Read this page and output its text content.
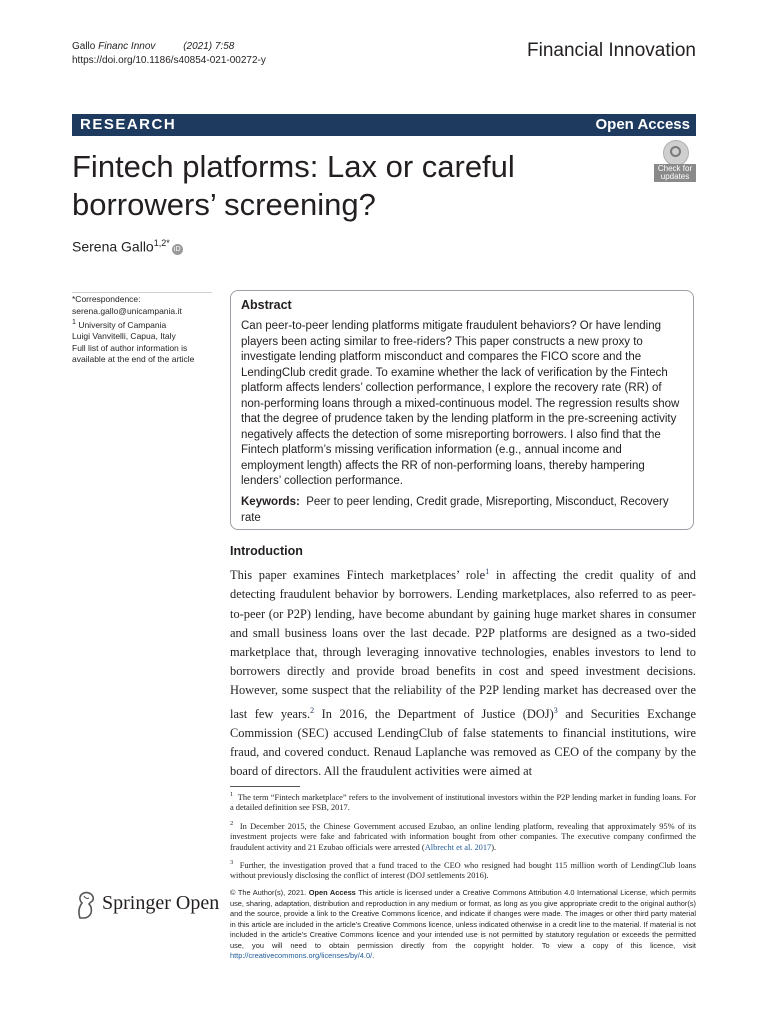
Gallo Financ Innov	(2021) 7:58
https://doi.org/10.1186/s40854-021-00272-y	Financial Innovation
RESEARCH	Open Access
Fintech platforms: Lax or careful borrowers’ screening?
Check for updates
Serena Gallo$^{1,2*}$iD
*Correspondence:
serena.gallo@unicampania.it
$^1$ University of Campania
Luigi Vanvitelli, Capua, Italy
Full list of author information is available at the end of the article
Abstract
Can peer-to-peer lending platforms mitigate fraudulent behaviors? Or have lending players been acting similar to free-riders? This paper constructs a new proxy to investigate lending platform misconduct and compares the FICO score and the LendingClub credit grade. To examine whether the lack of verification by the Fintech platform affects lenders’ collection performance, I explore the recovery rate (RR) of non-performing loans through a mixed-continuous model. The regression results show that the degree of prudence taken by the lending platform in the pre-screening activity negatively affects the detection of some misreporting borrowers. I also find that the Fintech platform’s missing verification information (e.g., annual income and employment length) affects the RR of non-performing loans, thereby hampering lenders’ collection performance.
Keywords: Peer to peer lending, Credit grade, Misreporting, Misconduct, Recovery rate
Introduction
This paper examines Fintech marketplaces’ role$^1$ in affecting the credit quality of and detecting fraudulent behavior by borrowers. Lending marketplaces, also referred to as peer-to-peer (or P2P) lending, have become abundant by gaining huge market shares in consumer and small business loans over the last decade. P2P platforms are designed as a two-sided marketplace that, through leveraging innovative technologies, enables investors to lend to borrowers directly and provide broad benefits in cost and speed investment decisions. However, some suspect that the reliability of the P2P lending market has decreased over the last few years.$^2$ In 2016, the Department of Justice (DOJ)$^3$ and Securities Exchange Commission (SEC) accused LendingClub of false statements to financial institutions, wire fraud, and covered conduct. Renaud Laplanche was removed as CEO of the company by the board of directors. All the fraudulent activities were aimed at
$^1$ The term “Fintech marketplace” refers to the involvement of institutional investors within the P2P lending market in funding loans. For a detailed definition see FSB, 2017.
$^2$ In December 2015, the Chinese Government accused Ezubao, an online lending platform, revealing that approximately 95% of its investment projects were fake and fabricated with information bought from other companies. The executive company confirmed the fraudulent activity and 21 Ezubao officials were arrested (Albrecht et al. 2017).
$^3$ Further, the investigation proved that a fund traced to the CEO who resigned had bought 115 million worth of LendingClub loans without previously disclosing the conflict of interest (DOJ settlements 2016).
Springer Open © The Author(s), 2021. Open Access This article is licensed under a Creative Commons Attribution 4.0 International License, which permits use, sharing, adaptation, distribution and reproduction in any medium or format, as long as you give appropriate credit to the original author(s) and the source, provide a link to the Creative Commons licence, and indicate if changes were made. The images or other third party material in this article are included in the article’s Creative Commons licence, unless indicated otherwise in a credit line to the material. If material is not included in the article’s Creative Commons licence and your intended use is not permitted by statutory regulation or exceeds the permitted use, you will need to obtain permission directly from the copyright holder. To view a copy of this licence, visit http://creativecommons.org/licenses/by/4.0/.
